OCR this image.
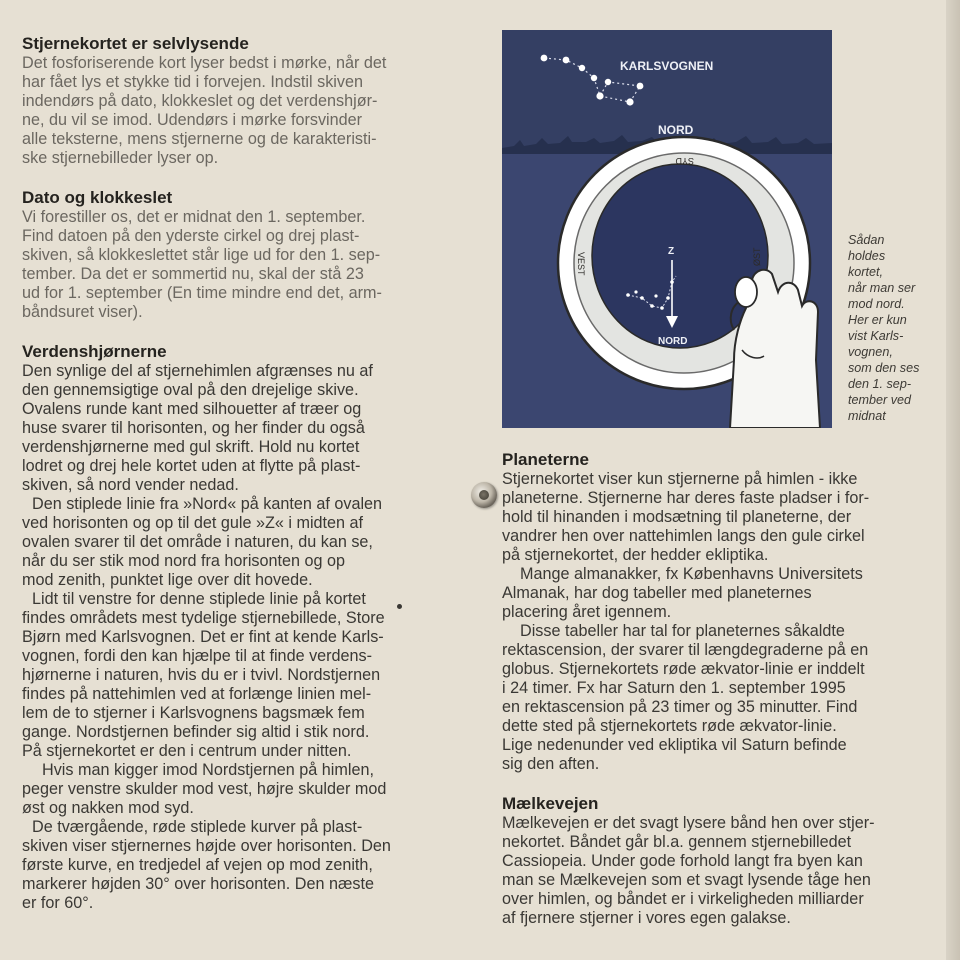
Stjernekortet er selvlysende

Det fosforiserende kort lyser bedst i mørke, når det
har fået lys et stykke tid i forvejen. Indstil skiven
indendørs på dato, klokkeslet og det verdenshjør-
ne, du vil se imod. Udendørs i mørke forsvinder
alle teksterne, mens stjernerne og de karakteristi-
ske stjernebilleder lyser op.

Dato og klokkeslet

Vi forestiller os, det er midnat den 1. september.
Find datoen på den yderste cirkel og drej plast-
skiven, så klokkeslettet står lige ud for den 1. sep-
tember. Da det er sommertid nu, skal der stå 23
ud for 1. september (En time mindre end det, arm-
båndsuret viser).

Verdenshjørnerne

Den synlige del af stjernehimlen afgrænses nu af
den gennemsigtige oval på den drejelige skive.
Ovalens runde kant med silhouetter af træer og
huse svarer til horisonten, og her finder du også
verdenshjørnerne med gul skrift. Hold nu kortet
lodret og drej hele kortet uden at flytte på plast-
skiven, så nord vender nedad.

Den stiplede linie fra »Nord« på kanten af ovalen
ved horisonten og op til det gule »Z« i midten af
ovalen svarer til det område i naturen, du kan se,
når du ser stik mod nord fra horisonten og op
mod zenith, punktet lige over dit hovede.

Lidt til venstre for denne stiplede linie på kortet
findes områdets mest tydelige stjernebillede, Store
Bjørn med Karlsvognen. Det er fint at kende Karls-
vognen, fordi den kan hjælpe til at finde verdens-
hjørnerne i naturen, hvis du er i tvivl. Nordstjernen
findes på nattehimlen ved at forlænge linien mel-
lem de to stjerner i Karlsvognens bagsmæk fem
gange. Nordstjernen befinder sig altid i stik nord.
På stjernekortet er den i centrum under nitten.

Hvis man kigger imod Nordstjernen på himlen,
peger venstre skulder mod vest, højre skulder mod
øst og nakken mod syd.

De tværgående, røde stiplede kurver på plast-
skiven viser stjernernes højde over horisonten. Den
første kurve, en tredjedel af vejen op mod zenith,
markerer højden 30° over horisonten. Den næste
er for 60°.

KARLSVOGNEN
NORD
Z
NORD
SYD
VEST	ØST

Sådan
holdes
kortet,
når man ser
mod nord.
Her er kun
vist Karls-
vognen,
som den ses
den 1. sep-
tember ved
midnat

Planeterne

Stjernekortet viser kun stjernerne på himlen - ikke
planeterne. Stjernerne har deres faste pladser i for-
hold til hinanden i modsætning til planeterne, der
vandrer hen over nattehimlen langs den gule cirkel
på stjernekortet, der hedder ekliptika.

Mange almanakker, fx Københavns Universitets
Almanak, har dog tabeller med planeternes
placering året igennem.

Disse tabeller har tal for planeternes såkaldte
rektascension, der svarer til længdegraderne på en
globus. Stjernekortets røde ækvator-linie er inddelt
i 24 timer. Fx har Saturn den 1. september 1995
en rektascension på 23 timer og 35 minutter. Find
dette sted på stjernekortets røde ækvator-linie.
Lige nedenunder ved ekliptika vil Saturn befinde
sig den aften.

Mælkevejen

Mælkevejen er det svagt lysere bånd hen over stjer-
nekortet. Båndet går bl.a. gennem stjernebilledet
Cassiopeia. Under gode forhold langt fra byen kan
man se Mælkevejen som et svagt lysende tåge hen
over himlen, og båndet er i virkeligheden milliarder
af fjernere stjerner i vores egen galakse.
